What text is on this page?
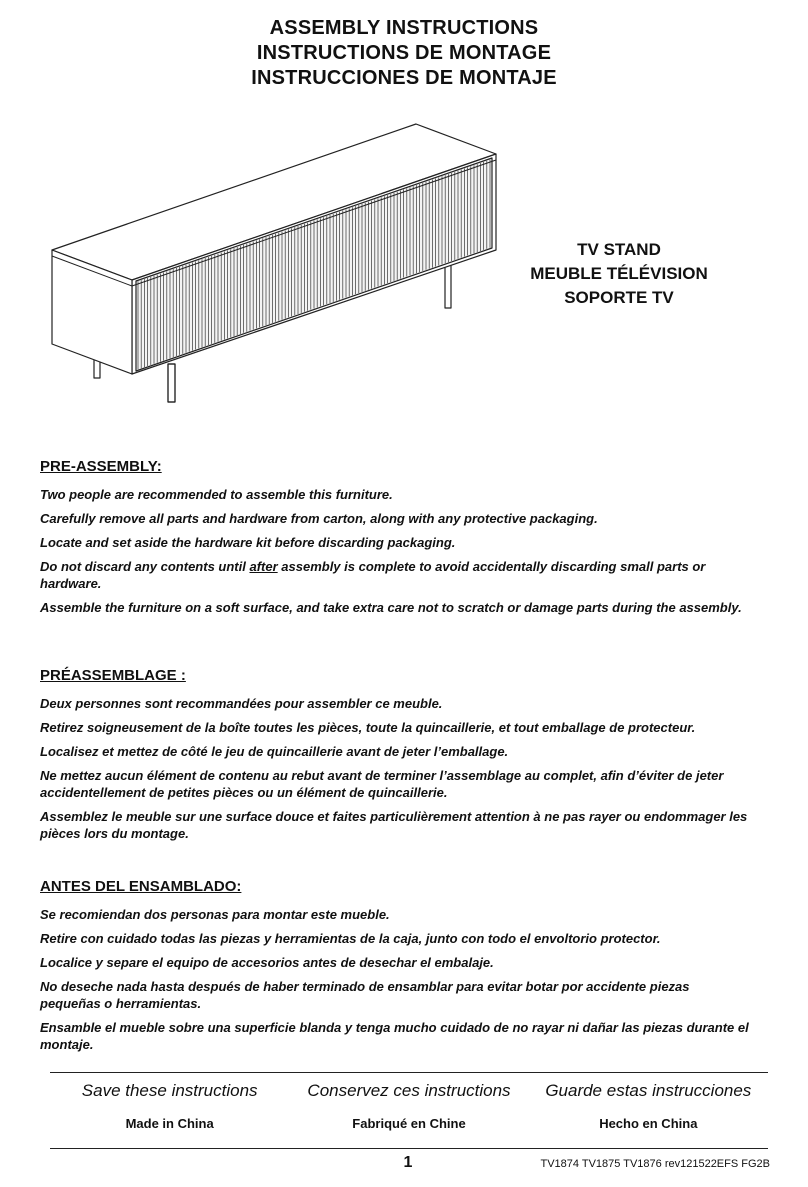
ASSEMBLY INSTRUCTIONS
INSTRUCTIONS DE MONTAGE
INSTRUCCIONES DE MONTAJE
TV STAND
MEUBLE TÉLÉVISION
SOPORTE TV
PRE-ASSEMBLY:

Two people are recommended to assemble this furniture.

Carefully remove all parts and hardware from carton, along with any protective packaging.

Locate and set aside the hardware kit before discarding packaging.

Do not discard any contents until after assembly is complete to avoid accidentally discarding small parts or hardware.

Assemble the furniture on a soft surface, and take extra care not to scratch or damage parts during the assembly.

PRÉASSEMBLAGE :

Deux personnes sont recommandées pour assembler ce meuble.

Retirez soigneusement de la boîte toutes les pièces, toute la quincaillerie, et tout emballage de protecteur.

Localisez et mettez de côté le jeu de quincaillerie avant de jeter l’emballage.

Ne mettez aucun élément de contenu au rebut avant de terminer l’assemblage au complet, afin d’éviter de jeter accidentellement de petites pièces ou un élément de quincaillerie.

Assemblez le meuble sur une surface douce et faites particulièrement attention à ne pas rayer ou endommager les pièces lors du montage.

ANTES DEL ENSAMBLADO:

Se recomiendan dos personas para montar este mueble.

Retire con cuidado todas las piezas y herramientas de la caja, junto con todo el envoltorio protector.

Localice y separe el equipo de accesorios antes de desechar el embalaje.

No deseche nada hasta después de haber terminado de ensamblar para evitar botar por accidente piezas pequeñas o herramientas.

Ensamble el mueble sobre una superficie blanda y tenga mucho cuidado de no rayar ni dañar las piezas durante el montaje.

Save these instructions
Made in China
Conservez ces instructions
Fabriqué en Chine
Guarde estas instrucciones
Hecho en China
1	TV1874 TV1875 TV1876 rev121522EFS FG2B
